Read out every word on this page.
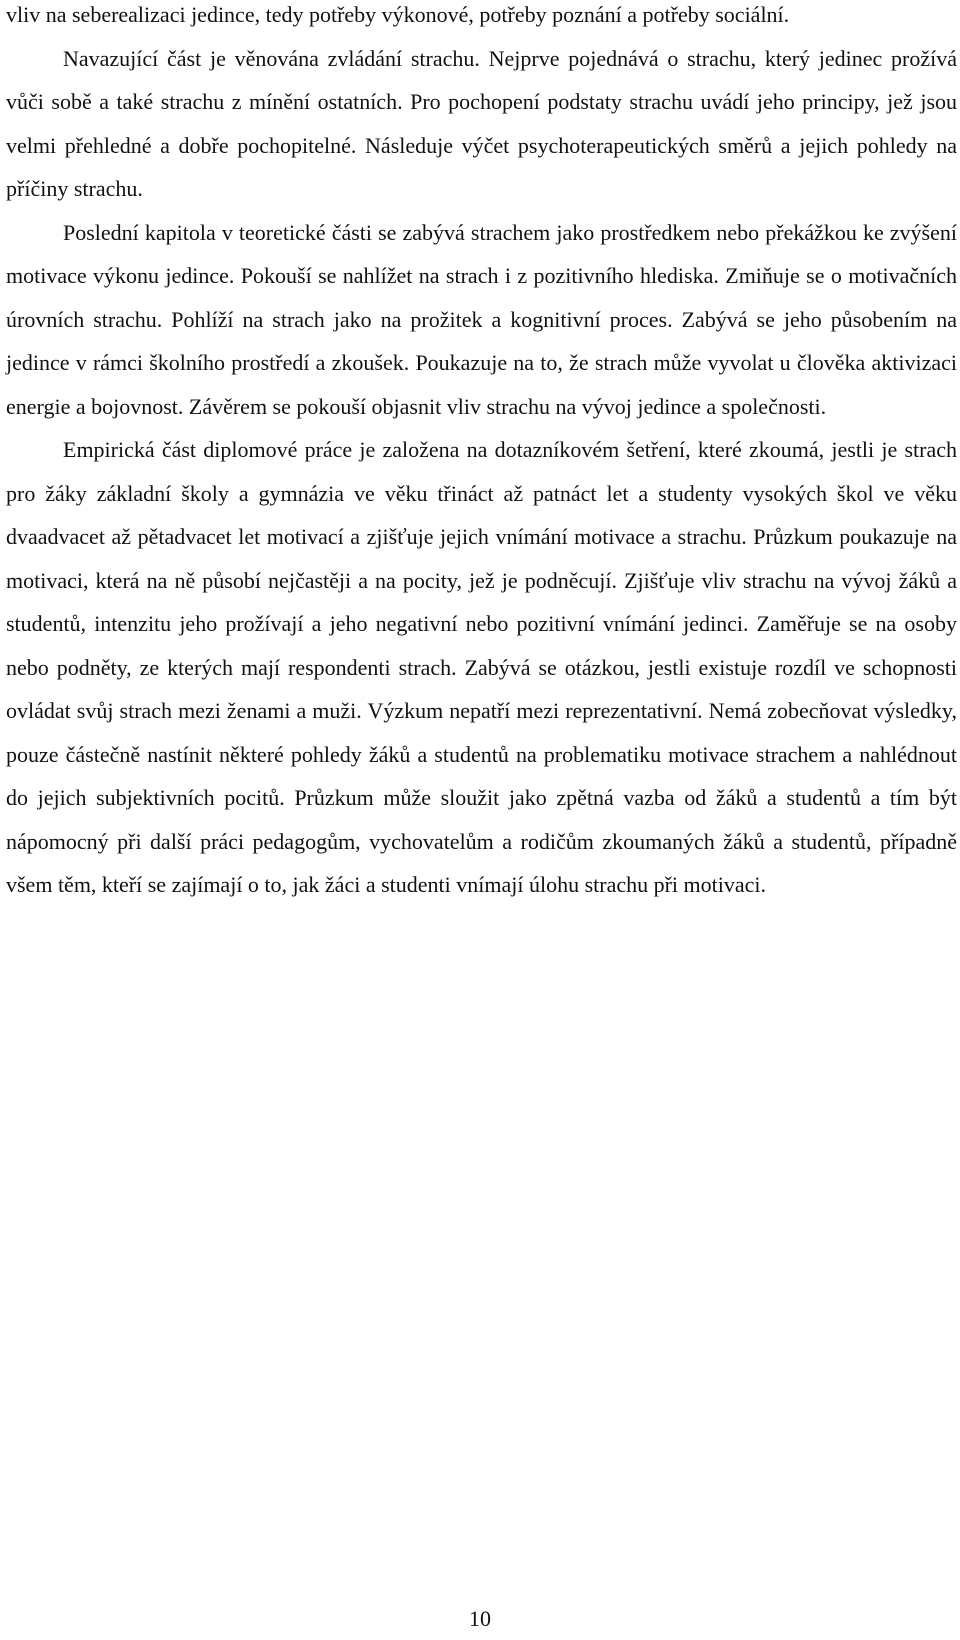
vliv na seberealizaci jedince, tedy potřeby výkonové, potřeby poznání a potřeby sociální.

Navazující část je věnována zvládání strachu. Nejprve pojednává o strachu, který jedinec prožívá vůči sobě a také strachu z mínění ostatních. Pro pochopení podstaty strachu uvádí jeho principy, jež jsou velmi přehledné a dobře pochopitelné. Následuje výčet psychoterapeutických směrů a jejich pohledy na příčiny strachu.

Poslední kapitola v teoretické části se zabývá strachem jako prostředkem nebo překážkou ke zvýšení motivace výkonu jedince. Pokouší se nahlížet na strach i z pozitivního hlediska. Zmiňuje se o motivačních úrovních strachu. Pohlíží na strach jako na prožitek a kognitivní proces. Zabývá se jeho působením na jedince v rámci školního prostředí a zkoušek. Poukazuje na to, že strach může vyvolat u člověka aktivizaci energie a bojovnost. Závěrem se pokouší objasnit vliv strachu na vývoj jedince a společnosti.

Empirická část diplomové práce je založena na dotazníkovém šetření, které zkoumá, jestli je strach pro žáky základní školy a gymnázia ve věku třináct až patnáct let a studenty vysokých škol ve věku dvaadvacet až pětadvacet let motivací a zjišťuje jejich vnímání motivace a strachu. Průzkum poukazuje na motivaci, která na ně působí nejčastěji a na pocity, jež je podněcují. Zjišťuje vliv strachu na vývoj žáků a studentů, intenzitu jeho prožívají a jeho negativní nebo pozitivní vnímání jedinci. Zaměřuje se na osoby nebo podněty, ze kterých mají respondenti strach. Zabývá se otázkou, jestli existuje rozdíl ve schopnosti ovládat svůj strach mezi ženami a muži. Výzkum nepatří mezi reprezentativní. Nemá zobecňovat výsledky, pouze částečně nastínit některé pohledy žáků a studentů na problematiku motivace strachem a nahlédnout do jejich subjektivních pocitů. Průzkum může sloužit jako zpětná vazba od žáků a studentů a tím být nápomocný při další práci pedagogům, vychovatelům a rodičům zkoumaných žáků a studentů, případně všem těm, kteří se zajímají o to, jak žáci a studenti vnímají úlohu strachu při motivaci.

10
